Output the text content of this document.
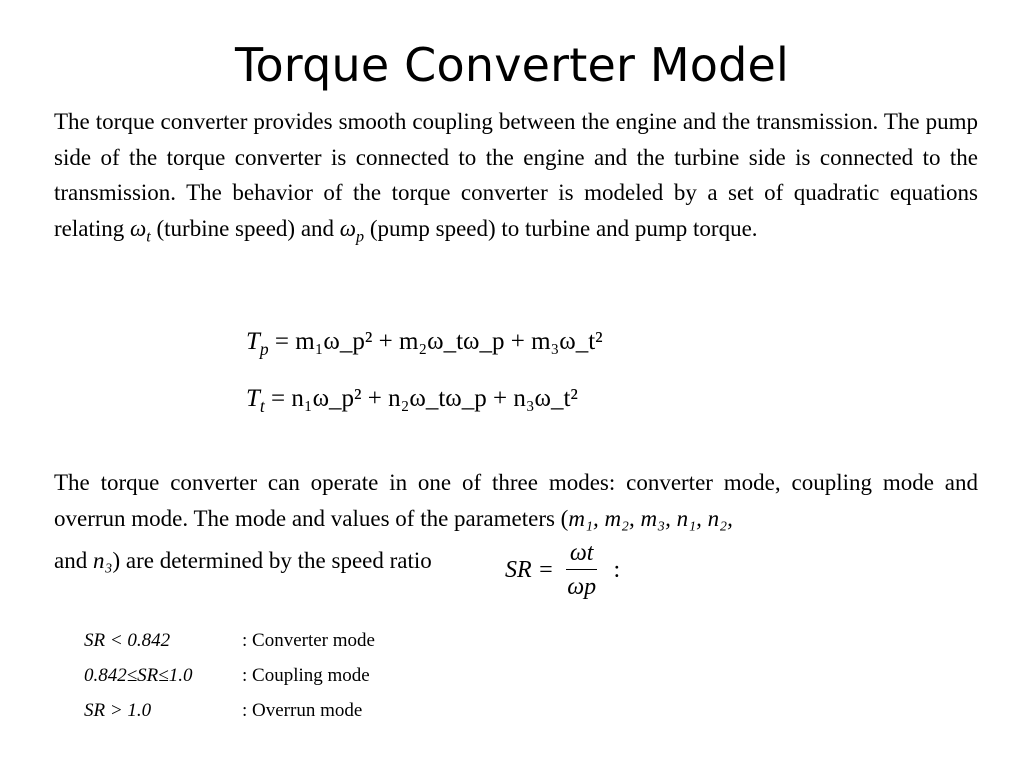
Torque Converter Model
The torque converter provides smooth coupling between the engine and the transmission. The pump side of the torque converter is connected to the engine and the turbine side is connected to the transmission. The behavior of the torque converter is modeled by a set of quadratic equations relating $\omega_t$ (turbine speed) and $\omega_p$ (pump speed) to turbine and pump torque.
$T_p$ = m₁ω_p² + m₂ω_tω_p + m₃ω_t²
$T_t$ = n₁ω_p² + n₂ω_tω_p + n₃ω_t²
The torque converter can operate in one of three modes: converter mode, coupling mode and overrun mode. The mode and values of the parameters (m₁, m₂, m₃, n₁, n₂,
and n₃) are determined by the speed ratio	SR = $\frac{\omega t}{\omega p}$ :
SR < 0.842	: Converter mode
0.842≤SR≤1.0	: Coupling mode
SR > 1.0	: Overrun mode
